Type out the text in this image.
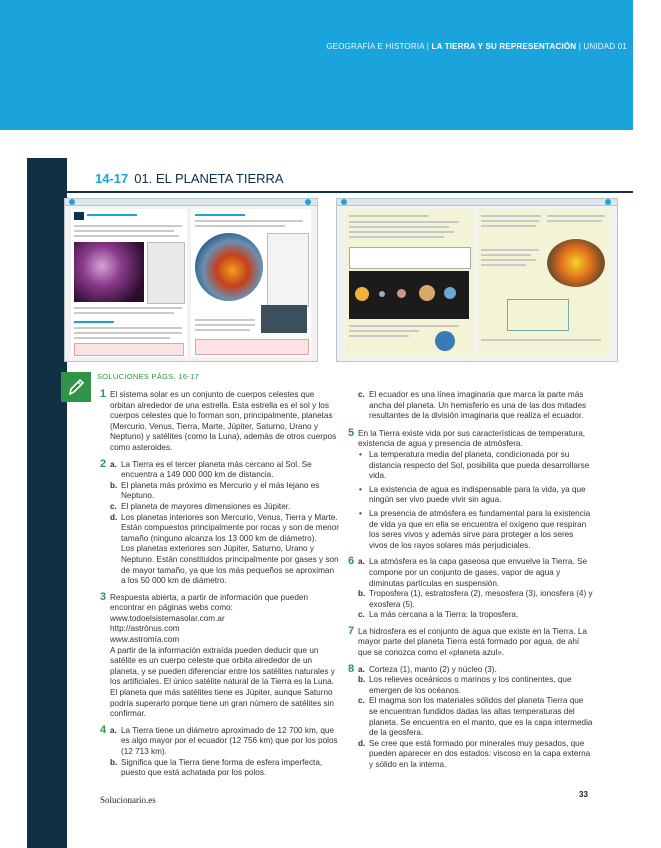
GEOGRAFÍA E HISTORIA | LA TIERRA Y SU REPRESENTACIÓN | UNIDAD 01
14-17 01. EL PLANETA TIERRA
SOLUCIONES PÁGS. 16-17
1 El sistema solar es un conjunto de cuerpos celestes que orbitan alrededor de una estrella. Esta estrella es el sol y los cuerpos celestes que lo forman son, principalmente, planetas (Mercurio, Venus, Tierra, Marte, Júpiter, Saturno, Urano y Neptuno) y satélites (como la Luna), además de otros cuerpos como asteroides.

2 a. La Tierra es el tercer planeta más cercano al Sol. Se encuentra a 149 000 000 km de distancia.
b. El planeta más próximo es Mercurio y el más lejano es Neptuno.
c. El planeta de mayores dimensiones es Júpiter.
d. Los planetas interiores son Mercurio, Venus, Tierra y Marte. Están compuestos principalmente por rocas y son de menor tamaño (ninguno alcanza los 13 000 km de diámetro).
Los planetas exteriores son Júpiter, Saturno, Urano y Neptuno. Están constituidos principalmente por gases y son de mayor tamaño, ya que los más pequeños se aproximan a los 50 000 km de diámetro.
3 Respuesta abierta, a partir de información que pueden encontrar en páginas webs como:

www.todoelsistemasolar.com.ar

http://astrónus.com

www.astromía.com

A partir de la información extraída pueden deducir que un satélite es un cuerpo celeste que orbita alrededor de un planeta, y se pueden diferenciar entre los satélites naturales y los artificiales. El único satélite natural de la Tierra es la Luna. El planeta que más satélites tiene es Júpiter, aunque Saturno podría superarlo porque tiene un gran número de satélites sin confirmar.

4 a. La Tierra tiene un diámetro aproximado de 12 700 km, que es algo mayor por el ecuador (12 756 km) que por los polos (12 713 km).
b. Significa que la Tierra tiene forma de esfera imperfecta, puesto que está achatada por los polos.
c. El ecuador es una línea imaginaria que marca la parte más ancha del planeta. Un hemisferio es una de las dos mitades resultantes de la división imaginaria que realiza el ecuador.
5 En la Tierra existe vida por sus características de temperatura, existencia de agua y presencia de atmósfera.

• La temperatura media del planeta, condicionada por su distancia respecto del Sol, posibilita que pueda desarrollarse vida.
• La existencia de agua es indispensable para la vida, ya que ningún ser vivo puede vivir sin agua.
• La presencia de atmósfera es fundamental para la existencia de vida ya que en ella se encuentra el oxígeno que respiran los seres vivos y además sirve para proteger a los seres vivos de los rayos solares más perjudiciales.
6 a. La atmósfera es la capa gaseosa que envuelve la Tierra. Se compone por un conjunto de gases, vapor de agua y diminutas partículas en suspensión.
b. Troposfera (1), estratosfera (2), mesosfera (3), ionosfera (4) y exosfera (5).
c. La más cercana a la Tierra: la troposfera.
7 La hidrosfera es el conjunto de agua que existe en la Tierra. La mayor parte del planeta Tierra está formado por agua, de ahí que se conozca como el «planeta azul».

8 a. Corteza (1), manto (2) y núcleo (3).
b. Los relieves oceánicos o marinos y los continentes, que emergen de los océanos.
c. El magma son los materiales sólidos del planeta Tierra que se encuentran fundidos dadas las altas temperaturas del planeta. Se encuentra en el manto, que es la capa intermedia de la geosfera.
d. Se cree que está formado por minerales muy pesados, que pueden aparecer en dos estados: viscoso en la capa externa y sólido en la interna.
Solucionario.es
33
